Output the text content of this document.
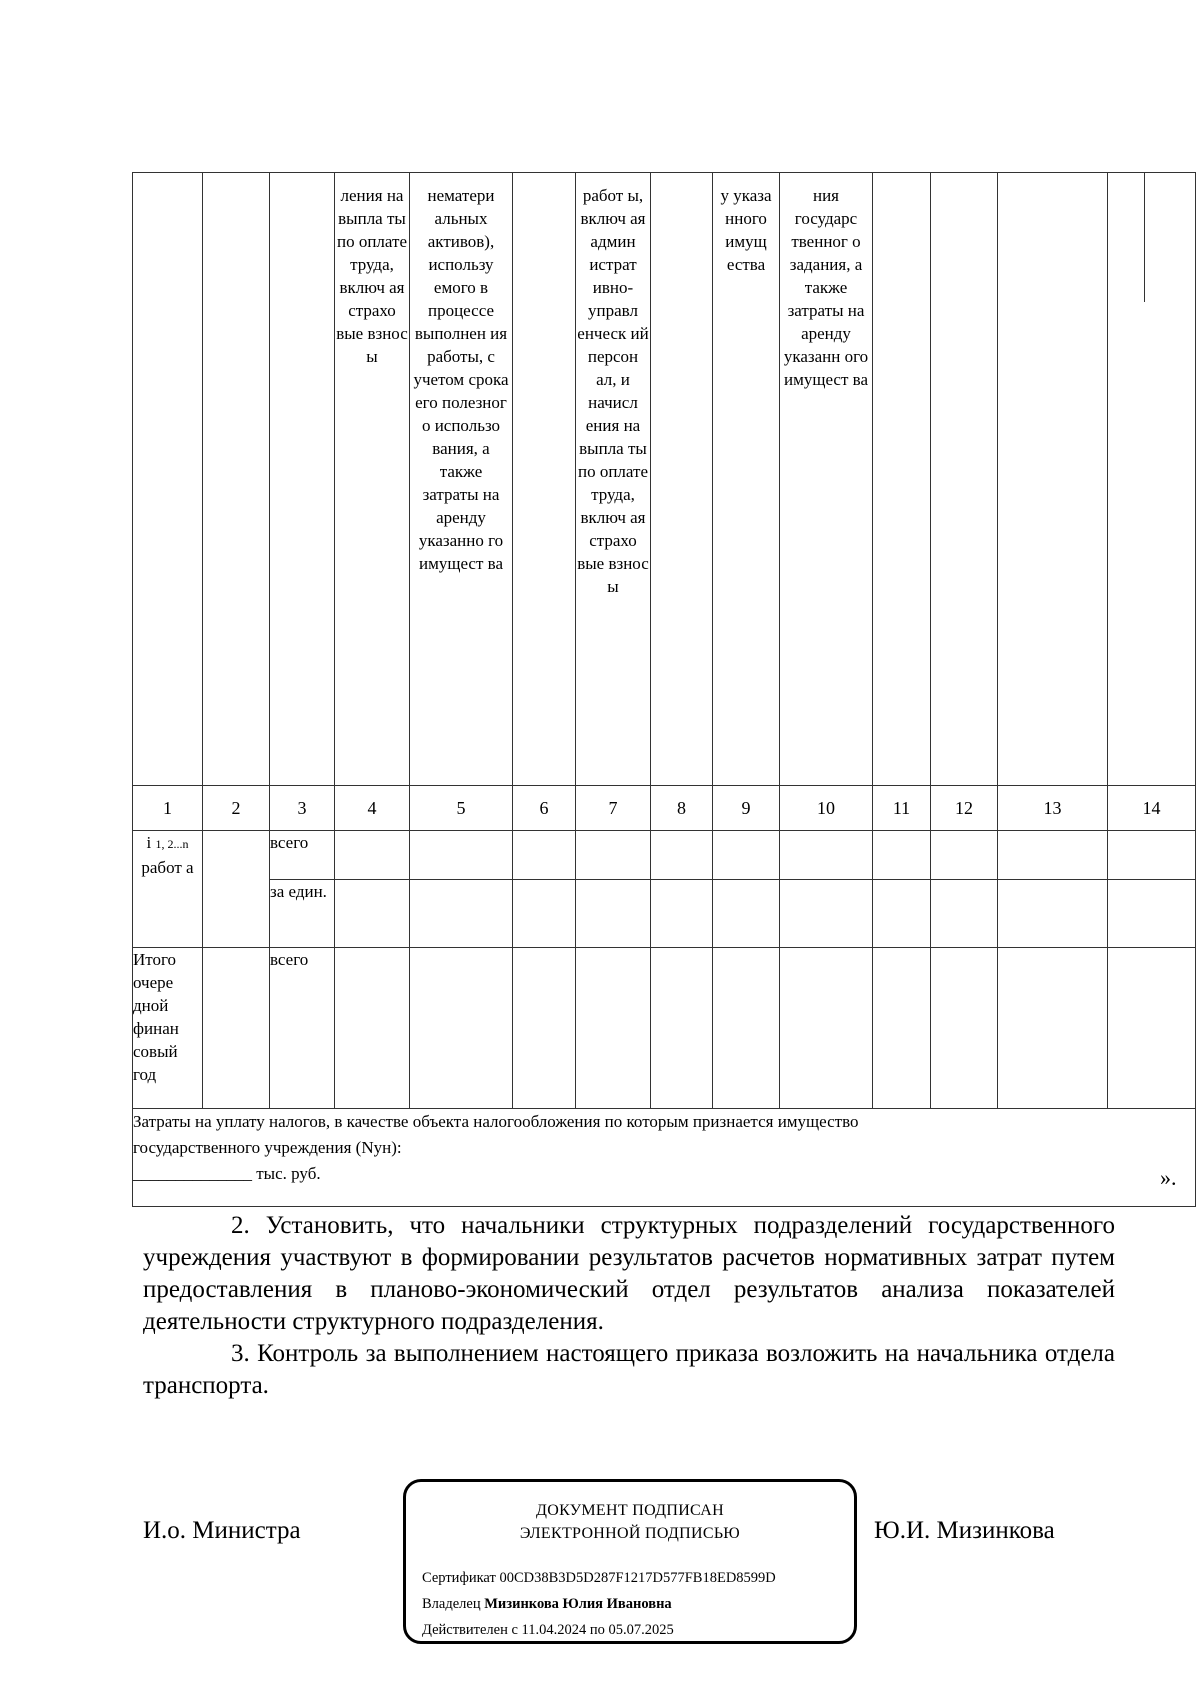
			ления на выпла ты по оплате труда, включ ая страхо вые взнос ы	нематери альных активов), использу емого в процессе выполнен ия работы, с учетом срока его полезног о использо вания, а также затраты на аренду указанно го имущест ва		работ ы, включ ая админ истрат ивно-управл енческ ий персон ал, и начисл ения на выпла ты по оплате труда, включ ая страхо вые взнос ы		у указа нного имущ ества	ния государс твенног о задания, а также затраты на аренду указанн ого имущест ва				
1	2	3	4	5	6	7	8	9	10	11	12	13	14
i 1, 2...n работ а		всего											
		за един.											
Итого очере дной финан совый год		всего											

Затраты на уплату налогов, в качестве объекта налогообложения по которым признается имущество
государственного учреждения (Nун):
______________ тыс. руб.														».
2. Установить, что начальники структурных подразделений государственного учреждения участвуют в формировании результатов расчетов нормативных затрат путем предоставления в планово-экономический отдел результатов анализа показателей деятельности структурного подразделения.
3. Контроль за выполнением настоящего приказа возложить на начальника отдела транспорта.
И.о. Министра	Ю.И. Мизинкова
ДОКУМЕНТ ПОДПИСАН
ЭЛЕКТРОННОЙ ПОДПИСЬЮ
Сертификат 00CD38B3D5D287F1217D577FB18ED8599D
Владелец Мизинкова Юлия Ивановна
Действителен с 11.04.2024 по 05.07.2025
